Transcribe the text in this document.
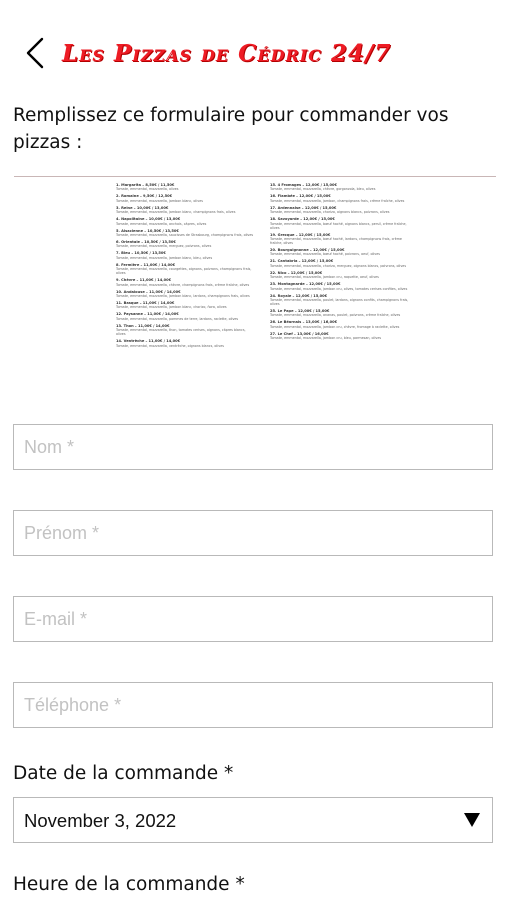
Les Pizzas de Cédric 24/7
Remplissez ce formulaire pour commander vos pizzas :
1. Margarita – 8,50€ / 11,50€
Tomate, emmental, mozzarella, olives
2. Romaine – 9,50€ / 12,50€
Tomate, emmental, mozzarella, jambon blanc, olives
3. Reine – 10,00€ / 13,00€
Tomate, emmental, mozzarella, jambon blanc, champignons frais, olives
4. Napolitaine – 10,00€ / 13,00€
Tomate, emmental, mozzarella, anchois, câpres, olives
5. Alsacienne – 10,50€ / 13,50€
Tomate, emmental, mozzarella, saucisses de Strasbourg, champignons frais, olives
6. Orientale – 10,50€ / 13,50€
Tomate, emmental, mozzarella, merguez, poivrons, olives
7. Bleu – 10,50€ / 13,50€
Tomate, emmental, mozzarella, jambon blanc, bleu, olives
8. Fermière – 11,00€ / 14,00€
Tomate, emmental, mozzarella, courgettes, oignons, poivrons, champignons frais, olives
9. Chèvre – 11,00€ / 14,00€
Tomate, emmental, mozzarella, chèvre, champignons frais, crème fraîche, olives
10. Andalouse – 11,00€ / 14,00€
Tomate, emmental, mozzarella, jambon blanc, lardons, champignons frais, olives
11. Basque – 11,00€ / 14,00€
Tomate, emmental, mozzarella, jambon blanc, chorizo, ñora, olives
12. Paysanne – 11,00€ / 14,00€
Tomate, emmental, mozzarella, pommes de terre, lardons, raclette, olives
13. Thon – 11,00€ / 14,00€
Tomate, emmental, mozzarella, thon, tomates cerises, oignons, câpres blancs, olives
14. Ventrèche – 11,00€ / 14,00€
Tomate, emmental, mozzarella, ventrèche, oignons blancs, olives
15. 4 Fromages – 12,00€ / 15,00€
Tomate, emmental, mozzarella, chèvre, gorgonzola, bleu, olives
16. Flambée – 12,00€ / 15,00€
Tomate, emmental, mozzarella, jambon, champignons frais, crème fraîche, olives
17. Ardennaise – 12,00€ / 15,00€
Tomate, emmental, mozzarella, chorizo, oignons blancs, poivrons, olives
18. Savoyarde – 12,00€ / 15,00€
Tomate, emmental, mozzarella, bœuf haché, oignons blancs, persil, crème fraîche, olives
19. Grecque – 12,00€ / 15,00€
Tomate, emmental, mozzarella, bœuf haché, lardons, champignons frais, crème fraîche, olives
20. Bourguignonne – 12,00€ / 15,00€
Tomate, emmental, mozzarella, bœuf haché, poivrons, oeuf, olives
21. Cantabria – 12,00€ / 15,00€
Tomate, emmental, mozzarella, chorizo, merguez, oignons blancs, poivrons, olives
22. Nico – 12,00€ / 15,00€
Tomate, emmental, mozzarella, jambon cru, roquette, oeuf, olives
23. Montagnarde – 12,00€ / 15,00€
Tomate, emmental, mozzarella, jambon cru, olives, tomates cerises confites, olives
24. Royale – 12,00€ / 15,00€
Tomate, emmental, mozzarella, poulet, lardons, oignons confits, champignons frais, olives
25. Le Pape – 12,00€ / 15,00€
Tomate, emmental, mozzarella, ananas, poulet, poivrons, crème fraîche, olives
26. Le Béarnais – 13,00€ / 16,00€
Tomate, emmental, mozzarella, jambon cru, chèvre, fromage à raclette, olives
27. Le Chef – 13,00€ / 16,00€
Tomate, emmental, mozzarella, jambon cru, bleu, parmesan, olives
Nom *
Prénom *
E-mail *
Téléphone *
Date de la commande *
November 3, 2022
Heure de la commande *
